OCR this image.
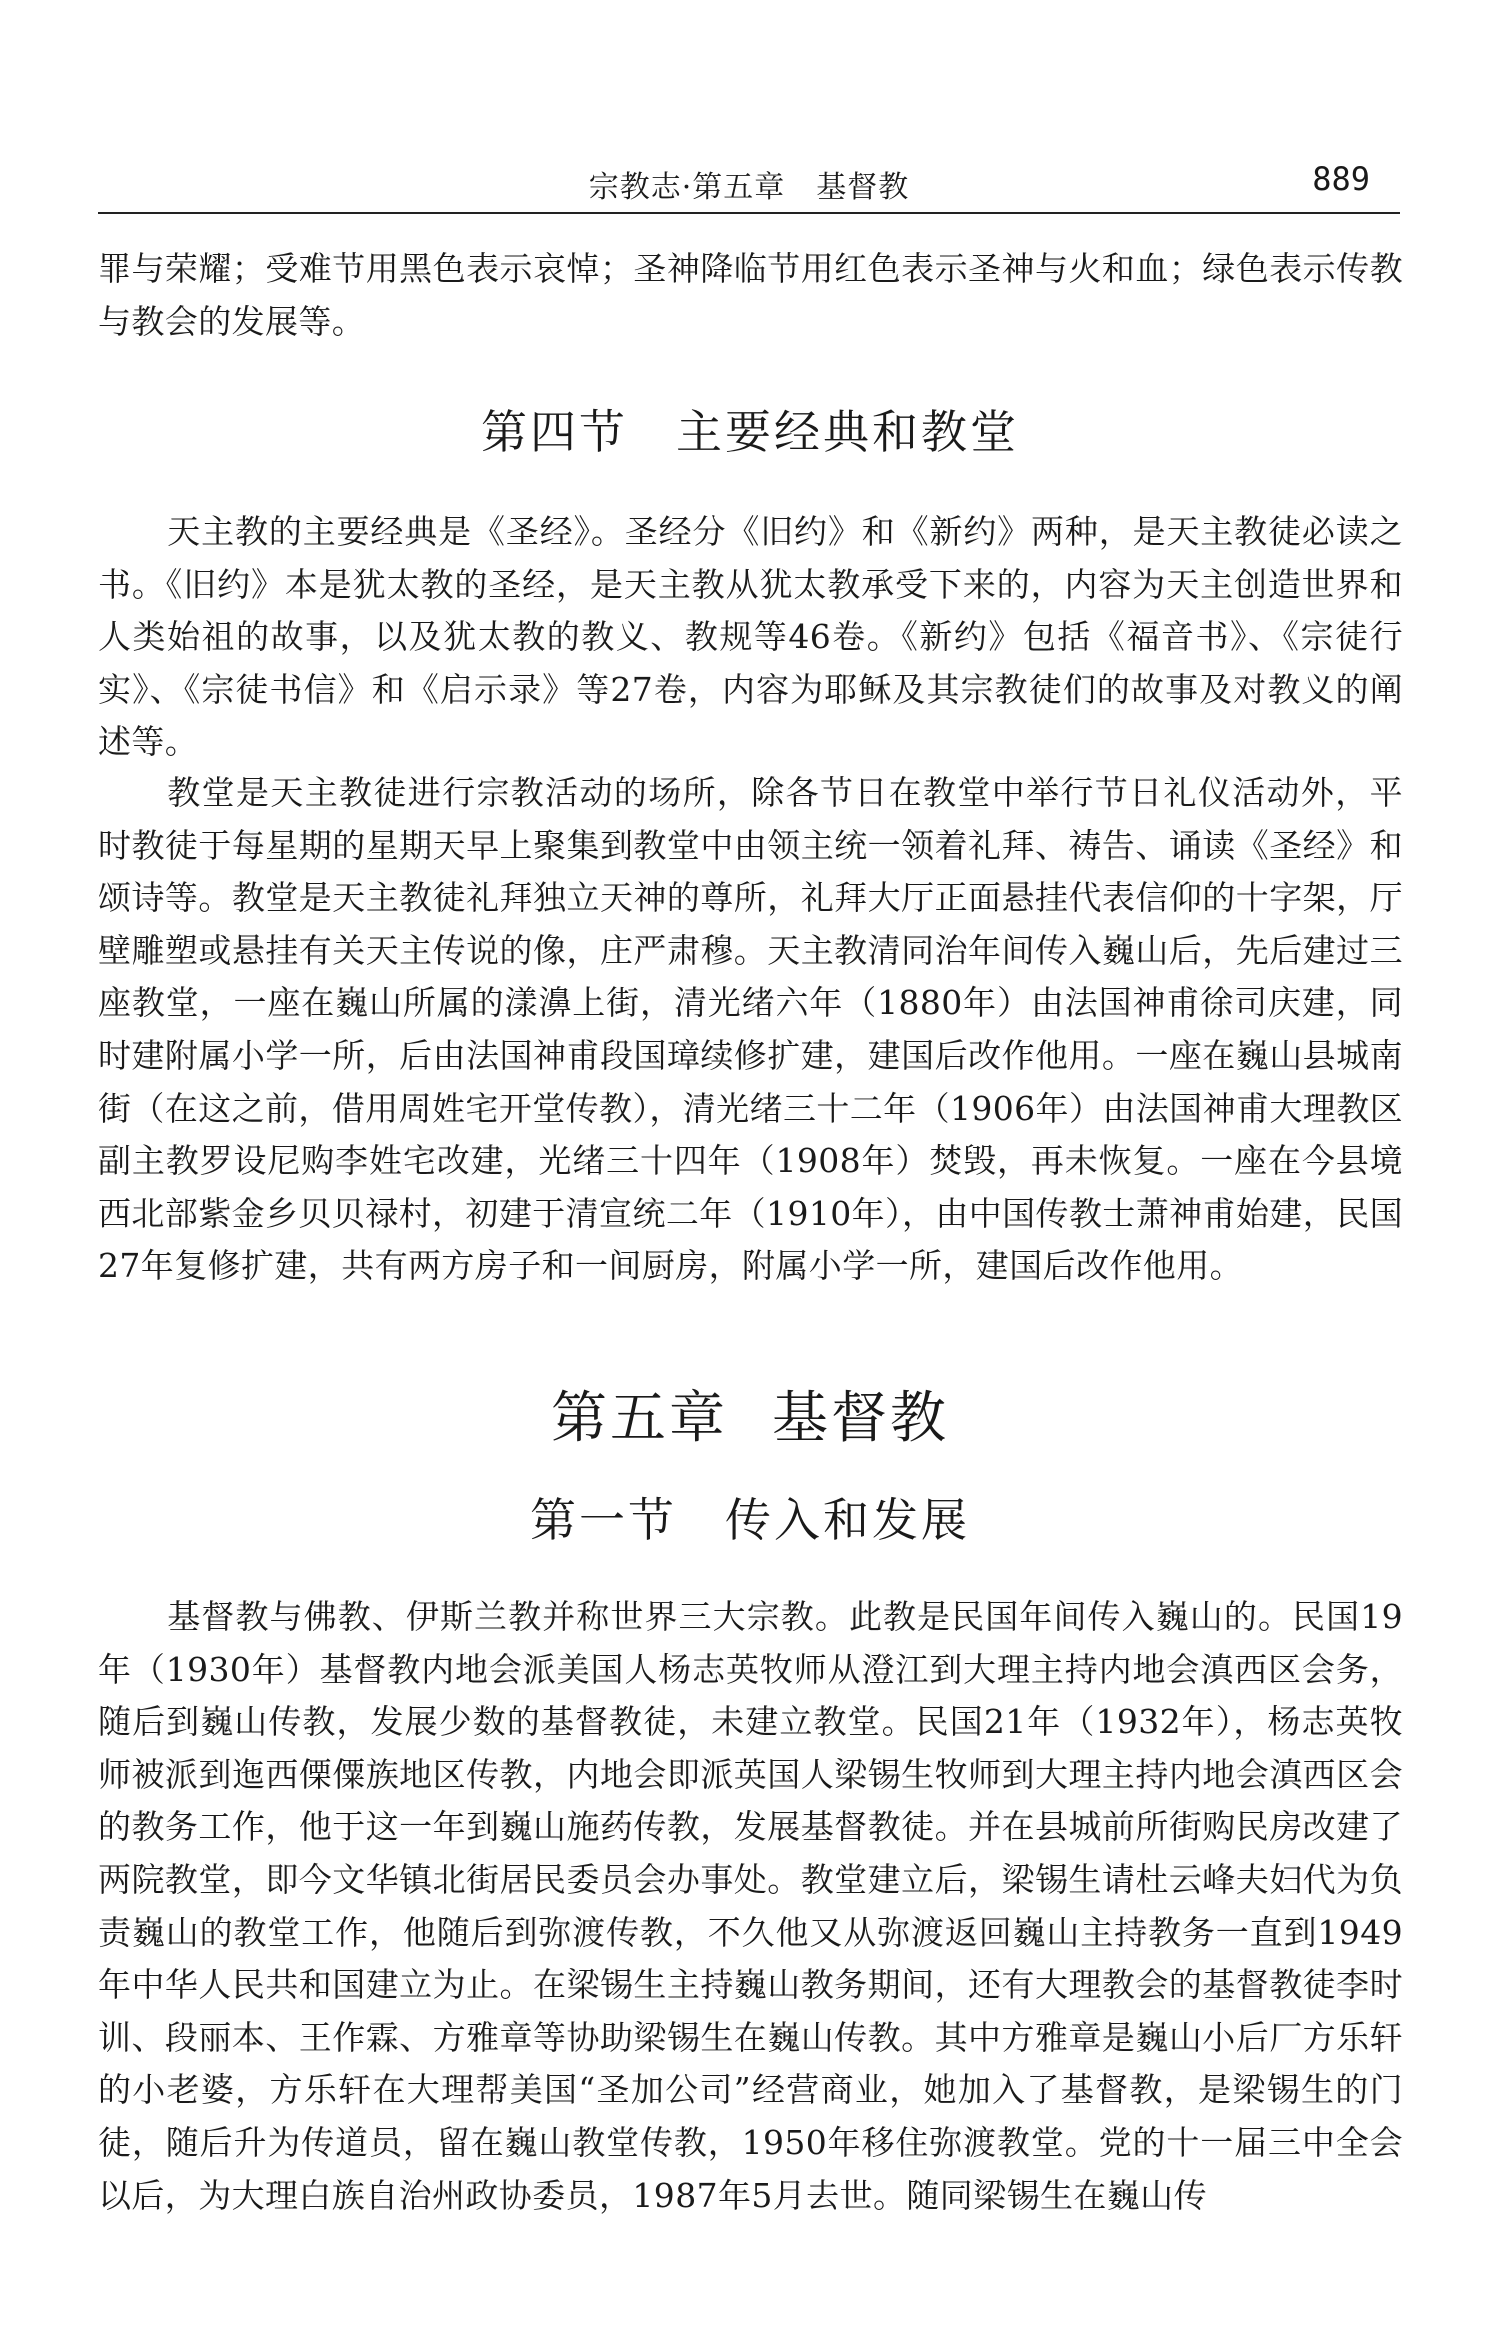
宗教志·第五章　基督教	889

罪与荣耀；受难节用黑色表示哀悼；圣神降临节用红色表示圣神与火和血；绿色表示传教与教会的发展等。

第四节 主要经典和教堂

天主教的主要经典是《圣经》。圣经分《旧约》和《新约》两种，是天主教徒必读之书。《旧约》本是犹太教的圣经，是天主教从犹太教承受下来的，内容为天主创造世界和人类始祖的故事，以及犹太教的教义、教规等46卷。《新约》包括《福音书》、《宗徒行实》、《宗徒书信》和《启示录》等27卷，内容为耶稣及其宗教徒们的故事及对教义的阐述等。

教堂是天主教徒进行宗教活动的场所，除各节日在教堂中举行节日礼仪活动外，平时教徒于每星期的星期天早上聚集到教堂中由领主统一领着礼拜、祷告、诵读《圣经》和颂诗等。教堂是天主教徒礼拜独立天神的尊所，礼拜大厅正面悬挂代表信仰的十字架，厅壁雕塑或悬挂有关天主传说的像，庄严肃穆。天主教清同治年间传入巍山后，先后建过三座教堂，一座在巍山所属的漾濞上街，清光绪六年（1880年）由法国神甫徐司庆建，同时建附属小学一所，后由法国神甫段国璋续修扩建，建国后改作他用。一座在巍山县城南街（在这之前，借用周姓宅开堂传教），清光绪三十二年（1906年）由法国神甫大理教区副主教罗设尼购李姓宅改建，光绪三十四年（1908年）焚毁，再未恢复。一座在今县境西北部紫金乡贝贝禄村，初建于清宣统二年（1910年），由中国传教士萧神甫始建，民国27年复修扩建，共有两方房子和一间厨房，附属小学一所，建国后改作他用。

第五章 基督教
第一节 传入和发展

基督教与佛教、伊斯兰教并称世界三大宗教。此教是民国年间传入巍山的。民国19年（1930年）基督教内地会派美国人杨志英牧师从澄江到大理主持内地会滇西区会务，随后到巍山传教，发展少数的基督教徒，未建立教堂。民国21年（1932年），杨志英牧师被派到迤西傈僳族地区传教，内地会即派英国人梁锡生牧师到大理主持内地会滇西区会的教务工作，他于这一年到巍山施药传教，发展基督教徒。并在县城前所街购民房改建了两院教堂，即今文华镇北街居民委员会办事处。教堂建立后，梁锡生请杜云峰夫妇代为负责巍山的教堂工作，他随后到弥渡传教，不久他又从弥渡返回巍山主持教务一直到1949年中华人民共和国建立为止。在梁锡生主持巍山教务期间，还有大理教会的基督教徒李时训、段丽本、王作霖、方雅章等协助梁锡生在巍山传教。其中方雅章是巍山小后厂方乐轩的小老婆，方乐轩在大理帮美国“圣加公司”经营商业，她加入了基督教，是梁锡生的门徒，随后升为传道员，留在巍山教堂传教，1950年移住弥渡教堂。党的十一届三中全会以后，为大理白族自治州政协委员，1987年5月去世。随同梁锡生在巍山传
